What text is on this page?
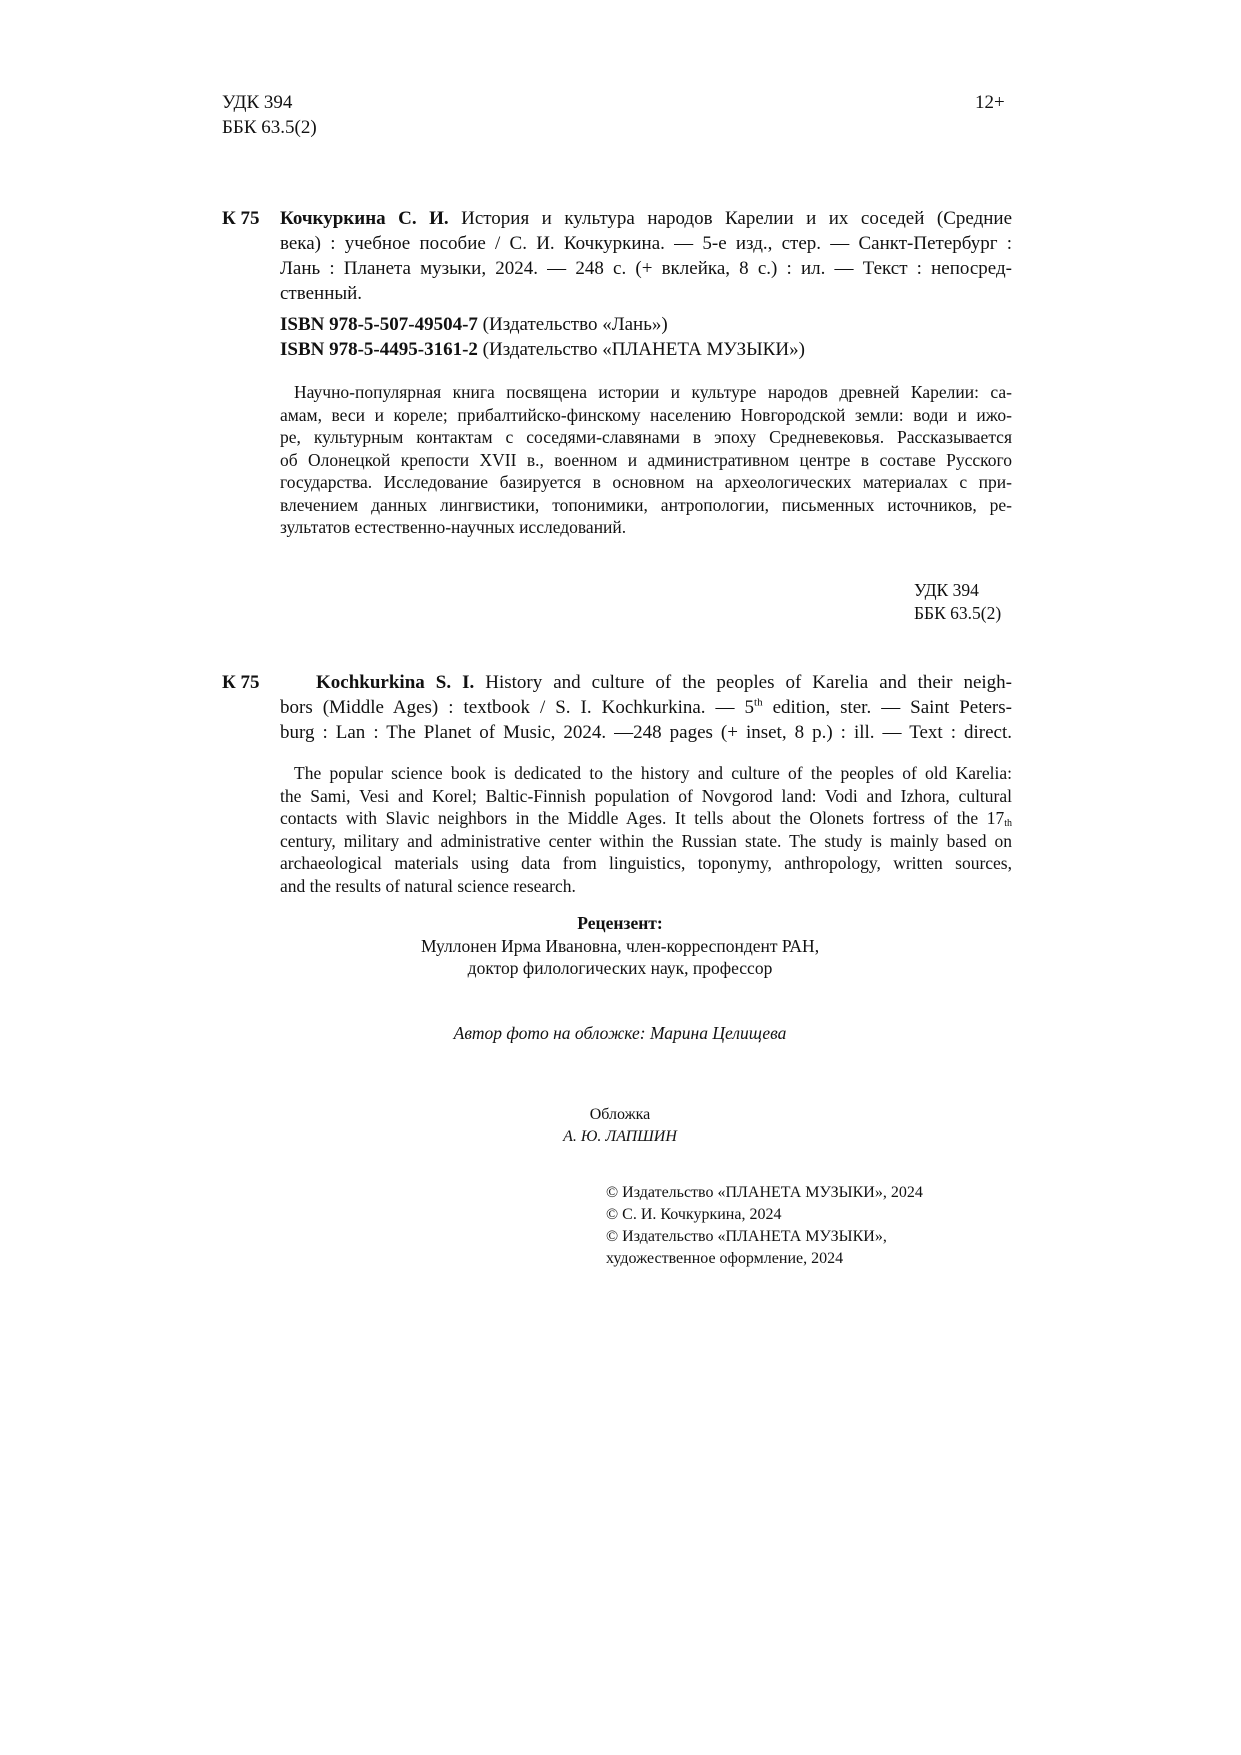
УДК 394
ББК 63.5(2)
12+
К 75 Кочкуркина С. И. История и культура народов Карелии и их соседей (Средние
века) : учебное пособие / С. И. Кочкуркина. — 5-е изд., стер. — Санкт-Петербург :
Лань : Планета музыки, 2024. — 248 с. (+ вклейка, 8 с.) : ил. — Текст : непосред-
ственный.
ISBN 978-5-507-49504-7 (Издательство «Лань»)
ISBN 978-5-4495-3161-2 (Издательство «ПЛАНЕТА МУЗЫКИ»)
Научно-популярная книга посвящена истории и культуре народов древней Карелии: са-
амам, веси и кореле; прибалтийско-финскому населению Новгородской земли: води и ижо-
ре, культурным контактам с соседями-славянами в эпоху Средневековья. Рассказывается
об Олонецкой крепости XVII в., военном и административном центре в составе Русского
государства. Исследование базируется в основном на археологических материалах с при-
влечением данных лингвистики, топонимики, антропологии, письменных источников, ре-
зультатов естественно-научных исследований.
УДК 394
ББК 63.5(2)
К 75	Kochkurkina S. I. History and culture of the peoples of Karelia and their neigh-
bors (Middle Ages) : textbook / S. I. Kochkurkina. — 5th edition, ster. — Saint Peters-
burg : Lan : The Planet of Music, 2024. —248 pages (+ inset, 8 p.) : ill. — Text : direct.
The popular science book is dedicated to the history and culture of the peoples of old Karelia:
the Sami, Vesi and Korel; Baltic-Finnish population of Novgorod land: Vodi and Izhora, cultural
contacts with Slavic neighbors in the Middle Ages. It tells about the Olonets fortress of the $17_{th}$
century, military and administrative center within the Russian state. The study is mainly based on
archaeological materials using data from linguistics, toponymy, anthropology, written sources,
and the results of natural science research.
Рецензент:
Муллонен Ирма Ивановна, член-корреспондент РАН,
доктор филологических наук, профессор
Автор фото на обложке: Марина Целищева
Обложка
А. Ю. ЛАПШИН
© Издательство «ПЛАНЕТА МУЗЫКИ», 2024
© С. И. Кочкуркина, 2024
© Издательство «ПЛАНЕТА МУЗЫКИ»,
художественное оформление, 2024
